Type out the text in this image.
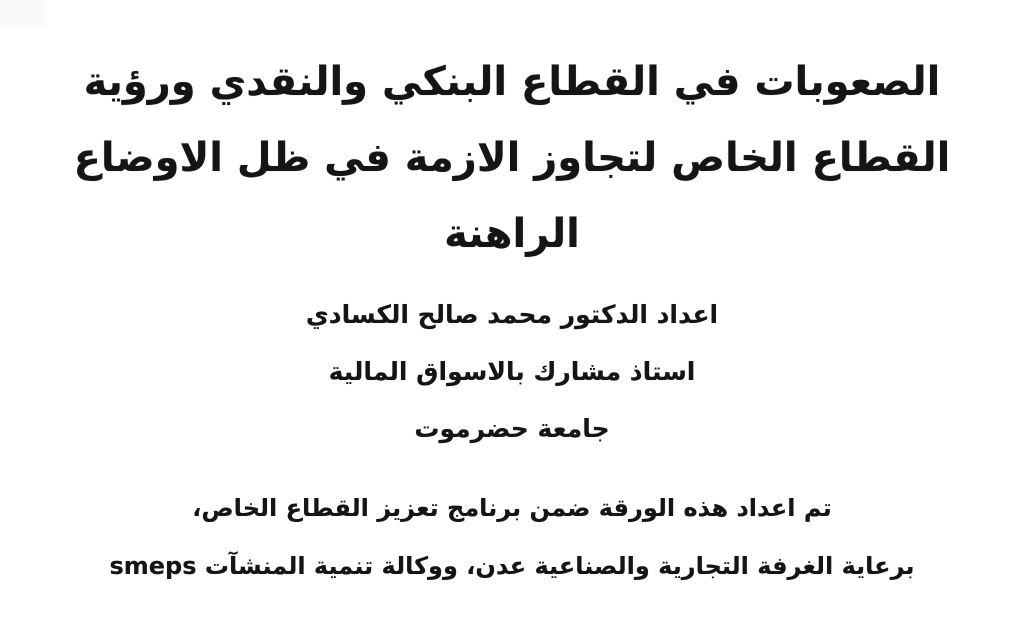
الصعوبات في القطاع البنكي والنقدي ورؤية
القطاع الخاص لتجاوز الازمة في ظل الاوضاع
الراهنة
اعداد الدكتور محمد صالح الكسادي
استاذ مشارك بالاسواق المالية
جامعة حضرموت
تم اعداد هذه الورقة ضمن برنامج تعزيز القطاع الخاص،
برعاية الغرفة التجارية والصناعية عدن، ووكالة تنمية المنشآت smeps
